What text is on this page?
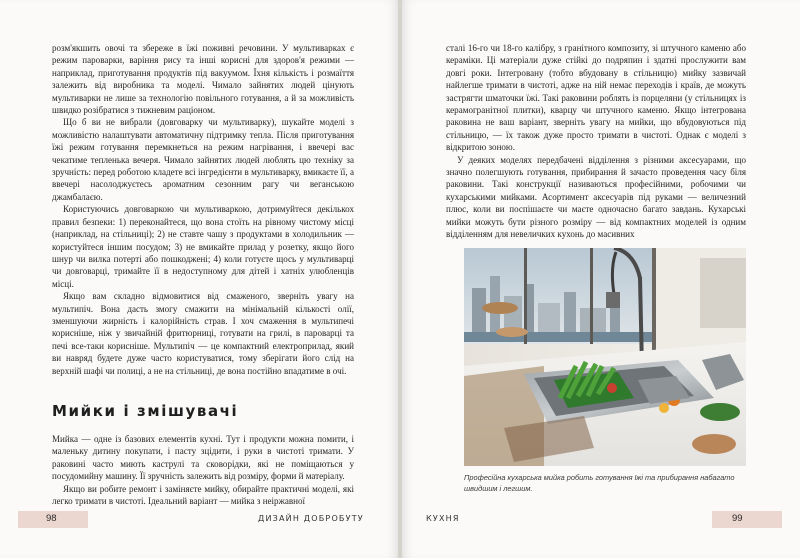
розм'якшить овочі та збереже в їжі поживні речовини. У мультиварках є режим пароварки, варіння рису та інші корисні для здоров'я режими — наприклад, приготування продуктів під вакуумом. Їхня кількість і розмаїття залежить від виробника та моделі. Чимало зайнятих людей цінують мультиварки не лише за технологію повільного готування, а й за можливість швидко розібратися з тижневим раціоном.

Що б ви не вибрали (довговарку чи мультиварку), шукайте моделі з можливістю налаштувати автоматичну підтримку тепла. Після приготування їжі режим готування перемкнеться на режим нагрівання, і ввечері вас чекатиме тепленька вечеря. Чимало зайнятих людей люблять цю техніку за зручність: перед роботою кладете всі інгредієнти в мультиварку, вмикаєте її, а ввечері насолоджуєтесь ароматним сезонним рагу чи веганською джамбалаєю.

Користуючись довговаркою чи мультиваркою, дотримуйтеся декількох правил безпеки: 1) переконайтеся, що вона стоїть на рівному чистому місці (наприклад, на стільниці); 2) не ставте чашу з продуктами в холодильник — користуйтеся іншим посудом; 3) не вмикайте прилад у розетку, якщо його шнур чи вилка потерті або пошкоджені; 4) коли готуєте щось у мультиварці чи довговарці, тримайте її в недоступному для дітей і хатніх улюбленців місці.

Якщо вам складно відмовитися від смаженого, зверніть увагу на мультипіч. Вона дасть змогу смажити на мінімальній кількості олії, зменшуючи жирність і калорійність страв. І хоч смаження в мультипечі корисніше, ніж у звичайній фритюрниці, готувати на грилі, в пароварці та печі все-таки корисніше. Мультипіч — це компактний електроприлад, який ви навряд будете дуже часто користуватися, тому зберігати його слід на верхній шафі чи полиці, а не на стільниці, де вона постійно впадатиме в очі.

Мийки і змішувачі

Мийка — одне із базових елементів кухні. Тут і продукти можна помити, і маленьку дитину покупати, і пасту зцідити, і руки в чистоті тримати. У раковині часто миють каструлі та сковорідки, які не поміщаються у посудомийну машину. Її зручність залежить від розміру, форми й матеріалу.

Якщо ви робите ремонт і заміняєте мийку, обирайте практичні моделі, які легко тримати в чистоті. Ідеальний варіант — мийка з неіржавної

сталі 16-го чи 18-го калібру, з гранітного композиту, зі штучного каменю або кераміки. Ці матеріали дуже стійкі до подряпин і здатні прослужити вам довгі роки. Інтегровану (тобто вбудовану в стільницю) мийку зазвичай найлегше тримати в чистоті, адже на ній немає переходів і країв, де можуть застрягти шматочки їжі. Такі раковини роблять із порцеляни (у стільницях із керамогранітної плитки), кварцу чи штучного каменю. Якщо інтегрована раковина не ваш варіант, зверніть увагу на мийки, що вбудовуються під стільницю, — їх також дуже просто тримати в чистоті. Однак є моделі з відкритою зоною.

У деяких моделях передбачені відділення з різними аксесуарами, що значно полегшують готування, прибирання й зачасто проведення часу біля раковини. Такі конструкції називаються професійними, робочими чи кухарськими мийками. Асортимент аксесуарів під руками — величезний плюс, коли ви поспішаєте чи маєте одночасно багато завдань. Кухарські мийки можуть бути різного розміру — від компактних моделей із одним відділенням для невеличких кухонь до масивних

Професійна кухарська мийка робить готування їжі та прибирання набагато швидшим і легшим.
98	ДИЗАЙН ДОБРОБУТУ	КУХНЯ	99
